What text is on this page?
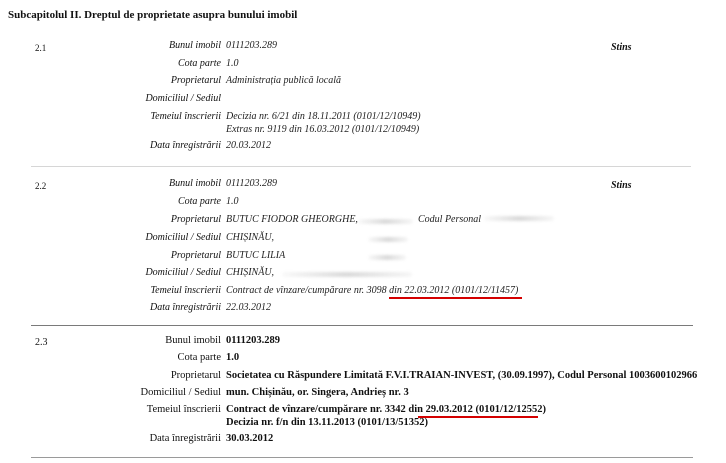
Subcapitolul II. Dreptul de proprietate asupra bunului imobil
2.1	Stins
Bunul imobil 0111203.289
Cota parte 1.0
Proprietarul Administrația publică locală
Domiciliul / Sediul
Temeiul înscrierii Decizia nr. 6/21 din 18.11.2011 (0101/12/10949)
Extras nr. 9119 din 16.03.2012 (0101/12/10949)
Data înregistrării 20.03.2012
2.2	Stins
Bunul imobil 0111203.289
Cota parte 1.0
Proprietarul BUTUC FIODOR GHEORGHE,	Codul Personal
Domiciliul / Sediul CHIȘINĂU,
Proprietarul BUTUC LILIA
Domiciliul / Sediul CHIȘINĂU,
Temeiul înscrierii Contract de vînzare/cumpărare nr. 3098 din 22.03.2012 (0101/12/11457)
Data înregistrării 22.03.2012
2.3	Bunul imobil 0111203.289
Cota parte 1.0
Proprietarul Societatea cu Răspundere Limitată F.V.I.TRAIAN-INVEST, (30.09.1997), Codul Personal 1003600102966
Domiciliul / Sediul mun. Chișinău, or. Singera, Andrieș nr. 3
Temeiul înscrierii Contract de vînzare/cumpărare nr. 3342 din 29.03.2012 (0101/12/12552)
Decizia nr. f/n din 13.11.2013 (0101/13/51352)
Data înregistrării 30.03.2012
